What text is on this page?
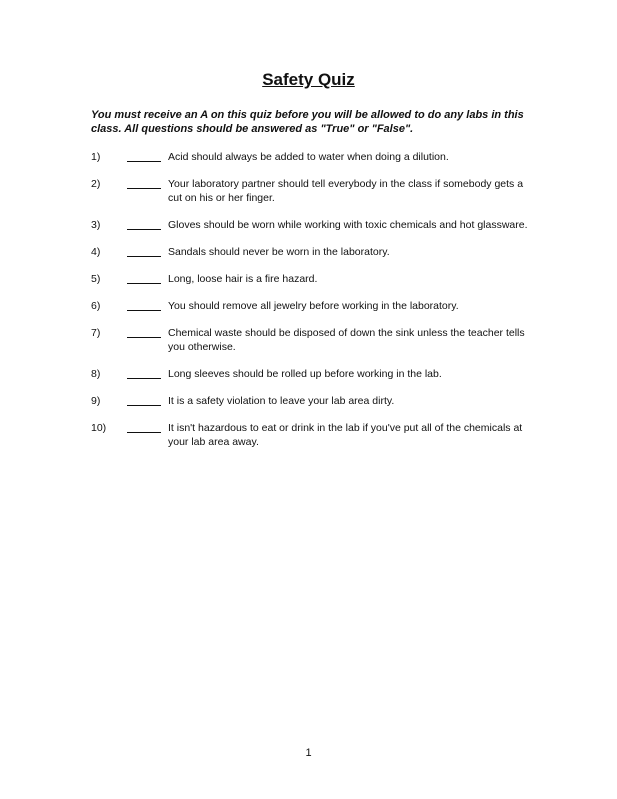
Safety Quiz
You must receive an A on this quiz before you will be allowed to do any labs in this class. All questions should be answered as "True" or "False".
1)	Acid should always be added to water when doing a dilution.
2)	Your laboratory partner should tell everybody in the class if somebody gets a cut on his or her finger.
3)	Gloves should be worn while working with toxic chemicals and hot glassware.
4)	Sandals should never be worn in the laboratory.
5)	Long, loose hair is a fire hazard.
6)	You should remove all jewelry before working in the laboratory.
7)	Chemical waste should be disposed of down the sink unless the teacher tells you otherwise.
8)	Long sleeves should be rolled up before working in the lab.
9)	It is a safety violation to leave your lab area dirty.
10)	It isn't hazardous to eat or drink in the lab if you've put all of the chemicals at your lab area away.
1
